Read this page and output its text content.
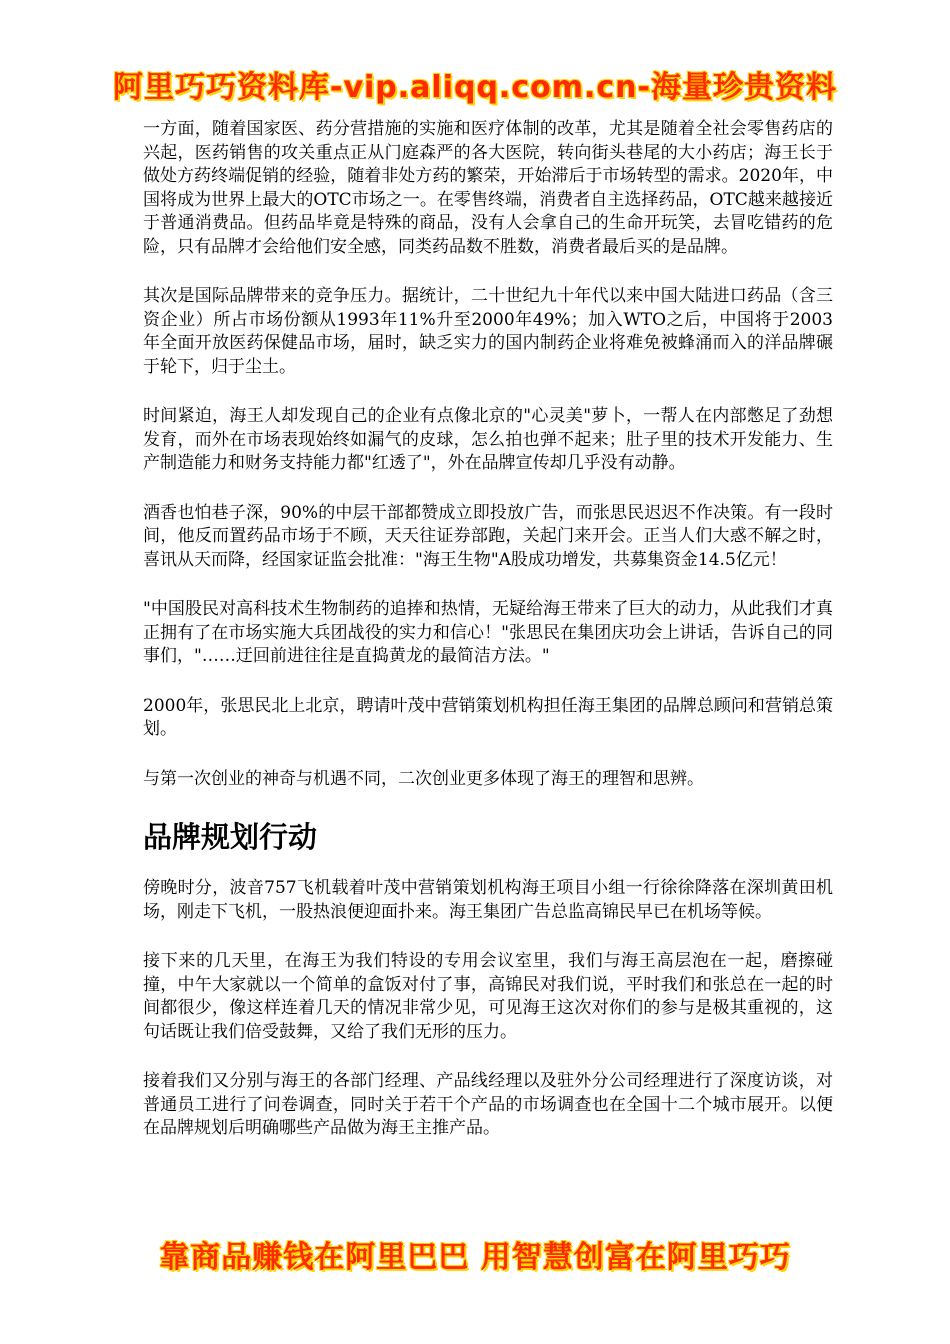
阿里巧巧资料库-vip.aliqq.com.cn-海量珍贵资料

一方面，随着国家医、药分营措施的实施和医疗体制的改革，尤其是随着全社会零售药店的兴起，医药销售的攻关重点正从门庭森严的各大医院，转向街头巷尾的大小药店；海王长于做处方药终端促销的经验，随着非处方药的繁荣，开始滞后于市场转型的需求。2020年，中国将成为世界上最大的OTC市场之一。在零售终端，消费者自主选择药品，OTC越来越接近于普通消费品。但药品毕竟是特殊的商品，没有人会拿自己的生命开玩笑，去冒吃错药的危险，只有品牌才会给他们安全感，同类药品数不胜数，消费者最后买的是品牌。

其次是国际品牌带来的竞争压力。据统计，二十世纪九十年代以来中国大陆进口药品（含三资企业）所占市场份额从1993年11%升至2000年49%；加入WTO之后，中国将于2003年全面开放医药保健品市场，届时，缺乏实力的国内制药企业将难免被蜂涌而入的洋品牌碾于轮下，归于尘土。

时间紧迫，海王人却发现自己的企业有点像北京的"心灵美"萝卜，一帮人在内部憋足了劲想发育，而外在市场表现始终如漏气的皮球，怎么拍也弹不起来；肚子里的技术开发能力、生产制造能力和财务支持能力都"红透了"，外在品牌宣传却几乎没有动静。

酒香也怕巷子深，90%的中层干部都赞成立即投放广告，而张思民迟迟不作决策。有一段时间，他反而置药品市场于不顾，天天往证券部跑，关起门来开会。正当人们大惑不解之时，喜讯从天而降，经国家证监会批准："海王生物"A股成功增发，共募集资金14.5亿元！

"中国股民对高科技术生物制药的追捧和热情，无疑给海王带来了巨大的动力，从此我们才真正拥有了在市场实施大兵团战役的实力和信心！"张思民在集团庆功会上讲话，告诉自己的同事们，"……迂回前进往往是直捣黄龙的最简洁方法。"

2000年，张思民北上北京，聘请叶茂中营销策划机构担任海王集团的品牌总顾问和营销总策划。

与第一次创业的神奇与机遇不同，二次创业更多体现了海王的理智和思辨。

品牌规划行动

傍晚时分，波音757飞机载着叶茂中营销策划机构海王项目小组一行徐徐降落在深圳黄田机场，刚走下飞机，一股热浪便迎面扑来。海王集团广告总监高锦民早已在机场等候。

接下来的几天里，在海王为我们特设的专用会议室里，我们与海王高层泡在一起，磨擦碰撞，中午大家就以一个简单的盒饭对付了事，高锦民对我们说，平时我们和张总在一起的时间都很少，像这样连着几天的情况非常少见，可见海王这次对你们的参与是极其重视的，这句话既让我们倍受鼓舞，又给了我们无形的压力。

接着我们又分别与海王的各部门经理、产品线经理以及驻外分公司经理进行了深度访谈，对普通员工进行了问卷调查，同时关于若干个产品的市场调查也在全国十二个城市展开。以便在品牌规划后明确哪些产品做为海王主推产品。

靠商品赚钱在阿里巴巴 用智慧创富在阿里巧巧
